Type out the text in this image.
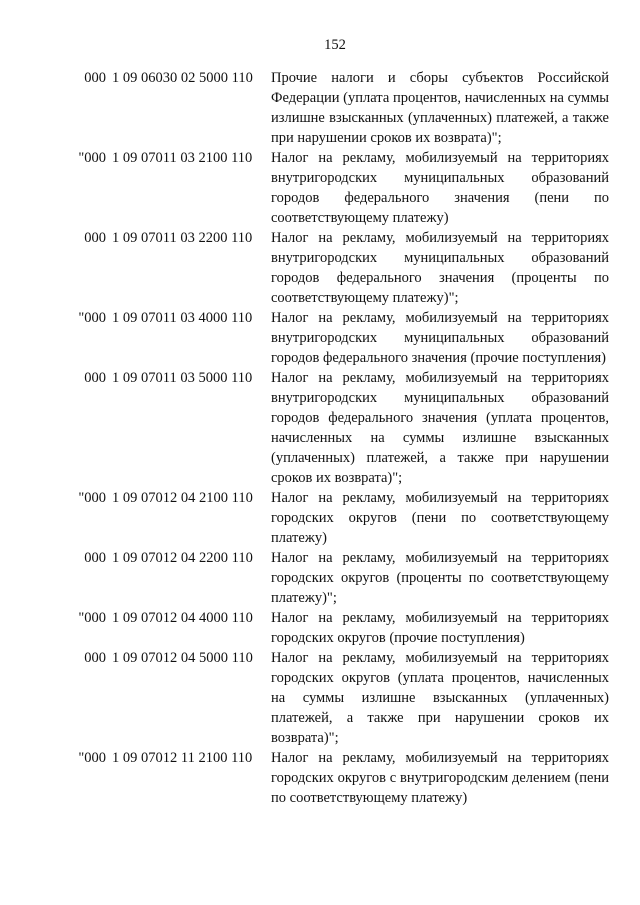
152
000 1 09 06030 02 5000 110	Прочие налоги и сборы субъектов Российской Федерации (уплата процентов, начисленных на суммы излишне взысканных (уплаченных) платежей, а также при нарушении сроков их возврата)";
"000 1 09 07011 03 2100 110	Налог на рекламу, мобилизуемый на территориях внутригородских муниципальных образований городов федерального значения (пени по соответствующему платежу)
000 1 09 07011 03 2200 110	Налог на рекламу, мобилизуемый на территориях внутригородских муниципальных образований городов федерального значения (проценты по соответствующему платежу)";
"000 1 09 07011 03 4000 110	Налог на рекламу, мобилизуемый на территориях внутригородских муниципальных образований городов федерального значения (прочие поступления)
000 1 09 07011 03 5000 110	Налог на рекламу, мобилизуемый на территориях внутригородских муниципальных образований городов федерального значения (уплата процентов, начисленных на суммы излишне взысканных (уплаченных) платежей, а также при нарушении сроков их возврата)";
"000 1 09 07012 04 2100 110	Налог на рекламу, мобилизуемый на территориях городских округов (пени по соответствующему платежу)
000 1 09 07012 04 2200 110	Налог на рекламу, мобилизуемый на территориях городских округов (проценты по соответствующему платежу)";
"000 1 09 07012 04 4000 110	Налог на рекламу, мобилизуемый на территориях городских округов (прочие поступления)
000 1 09 07012 04 5000 110	Налог на рекламу, мобилизуемый на территориях городских округов (уплата процентов, начисленных на суммы излишне взысканных (уплаченных) платежей, а также при нарушении сроков их возврата)";
"000 1 09 07012 11 2100 110	Налог на рекламу, мобилизуемый на территориях городских округов с внутригородским делением (пени по соответствующему платежу)
